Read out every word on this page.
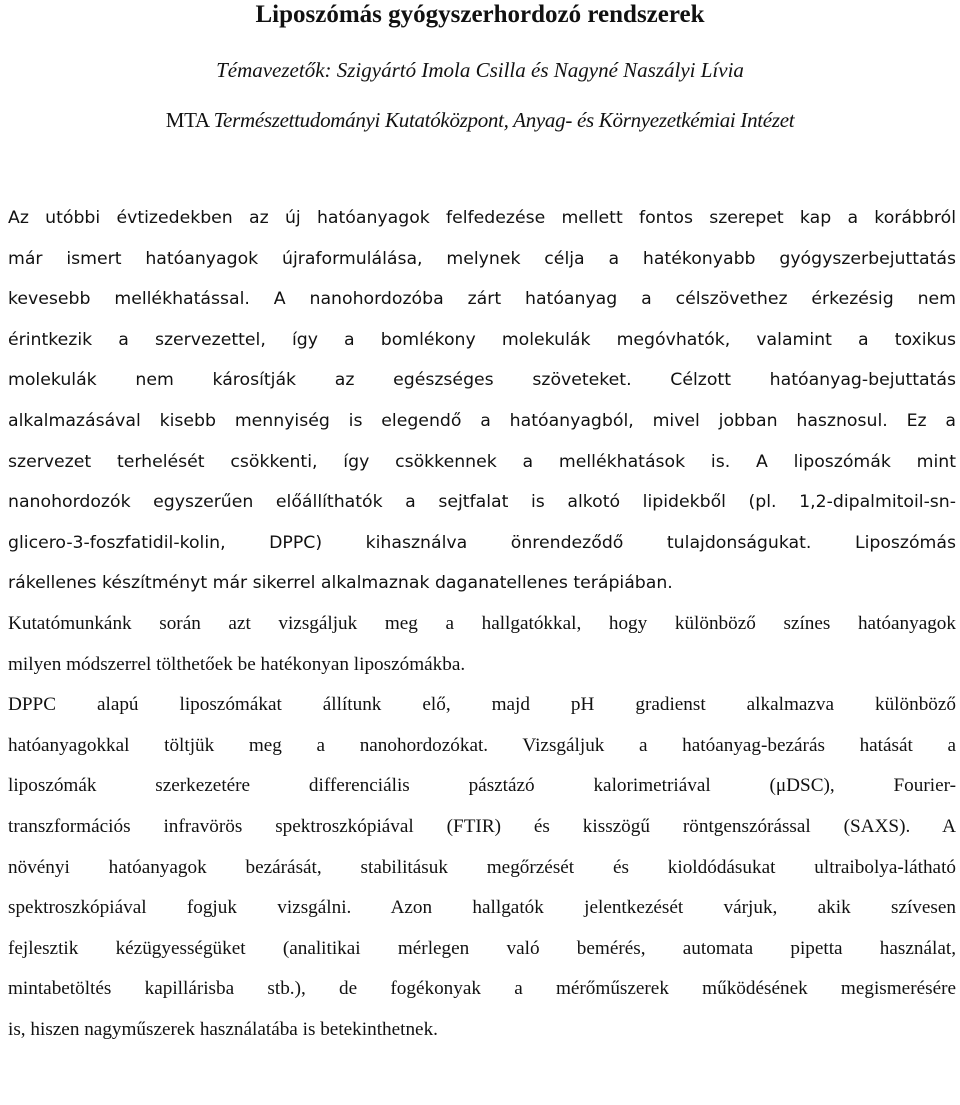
Liposzómás gyógyszerhordozó rendszerek
Témavezetők: Szigyártó Imola Csilla és Nagyné Naszályi Lívia
MTA Természettudományi Kutatóközpont, Anyag- és Környezetkémiai Intézet
Az utóbbi évtizedekben az új hatóanyagok felfedezése mellett fontos szerepet kap a korábbról
már ismert hatóanyagok újraformulálása, melynek célja a hatékonyabb gyógyszerbejuttatás
kevesebb mellékhatással. A nanohordozóba zárt hatóanyag a célszövethez érkezésig nem
érintkezik a szervezettel, így a bomlékony molekulák megóvhatók, valamint a toxikus
molekulák nem károsítják az egészséges szöveteket. Célzott hatóanyag-bejuttatás
alkalmazásával kisebb mennyiség is elegendő a hatóanyagból, mivel jobban hasznosul. Ez a
szervezet terhelését csökkenti, így csökkennek a mellékhatások is. A liposzómák mint
nanohordozók egyszerűen előállíthatók a sejtfalat is alkotó lipidekből (pl. 1,2-dipalmitoil-sn-
glicero-3-foszfatidil-kolin, DPPC) kihasználva önrendeződő tulajdonságukat. Liposzómás
rákellenes készítményt már sikerrel alkalmaznak daganatellenes terápiában.
Kutatómunkánk során azt vizsgáljuk meg a hallgatókkal, hogy különböző színes hatóanyagok
milyen módszerrel tölthetőek be hatékonyan liposzómákba.
DPPC alapú liposzómákat állítunk elő, majd pH gradienst alkalmazva különböző
hatóanyagokkal töltjük meg a nanohordozókat. Vizsgáljuk a hatóanyag-bezárás hatását a
liposzómák szerkezetére differenciális pásztázó kalorimetriával (μDSC), Fourier-
transzformációs infravörös spektroszkópiával (FTIR) és kisszögű röntgenszórással (SAXS). A
növényi hatóanyagok bezárását, stabilitásuk megőrzését és kioldódásukat ultraibolya-látható
spektroszkópiával fogjuk vizsgálni. Azon hallgatók jelentkezését várjuk, akik szívesen
fejlesztik kézügyességüket (analitikai mérlegen való bemérés, automata pipetta használat,
mintabetöltés kapillárisba stb.), de fogékonyak a mérőműszerek működésének megismerésére
is, hiszen nagyműszerek használatába is betekinthetnek.
